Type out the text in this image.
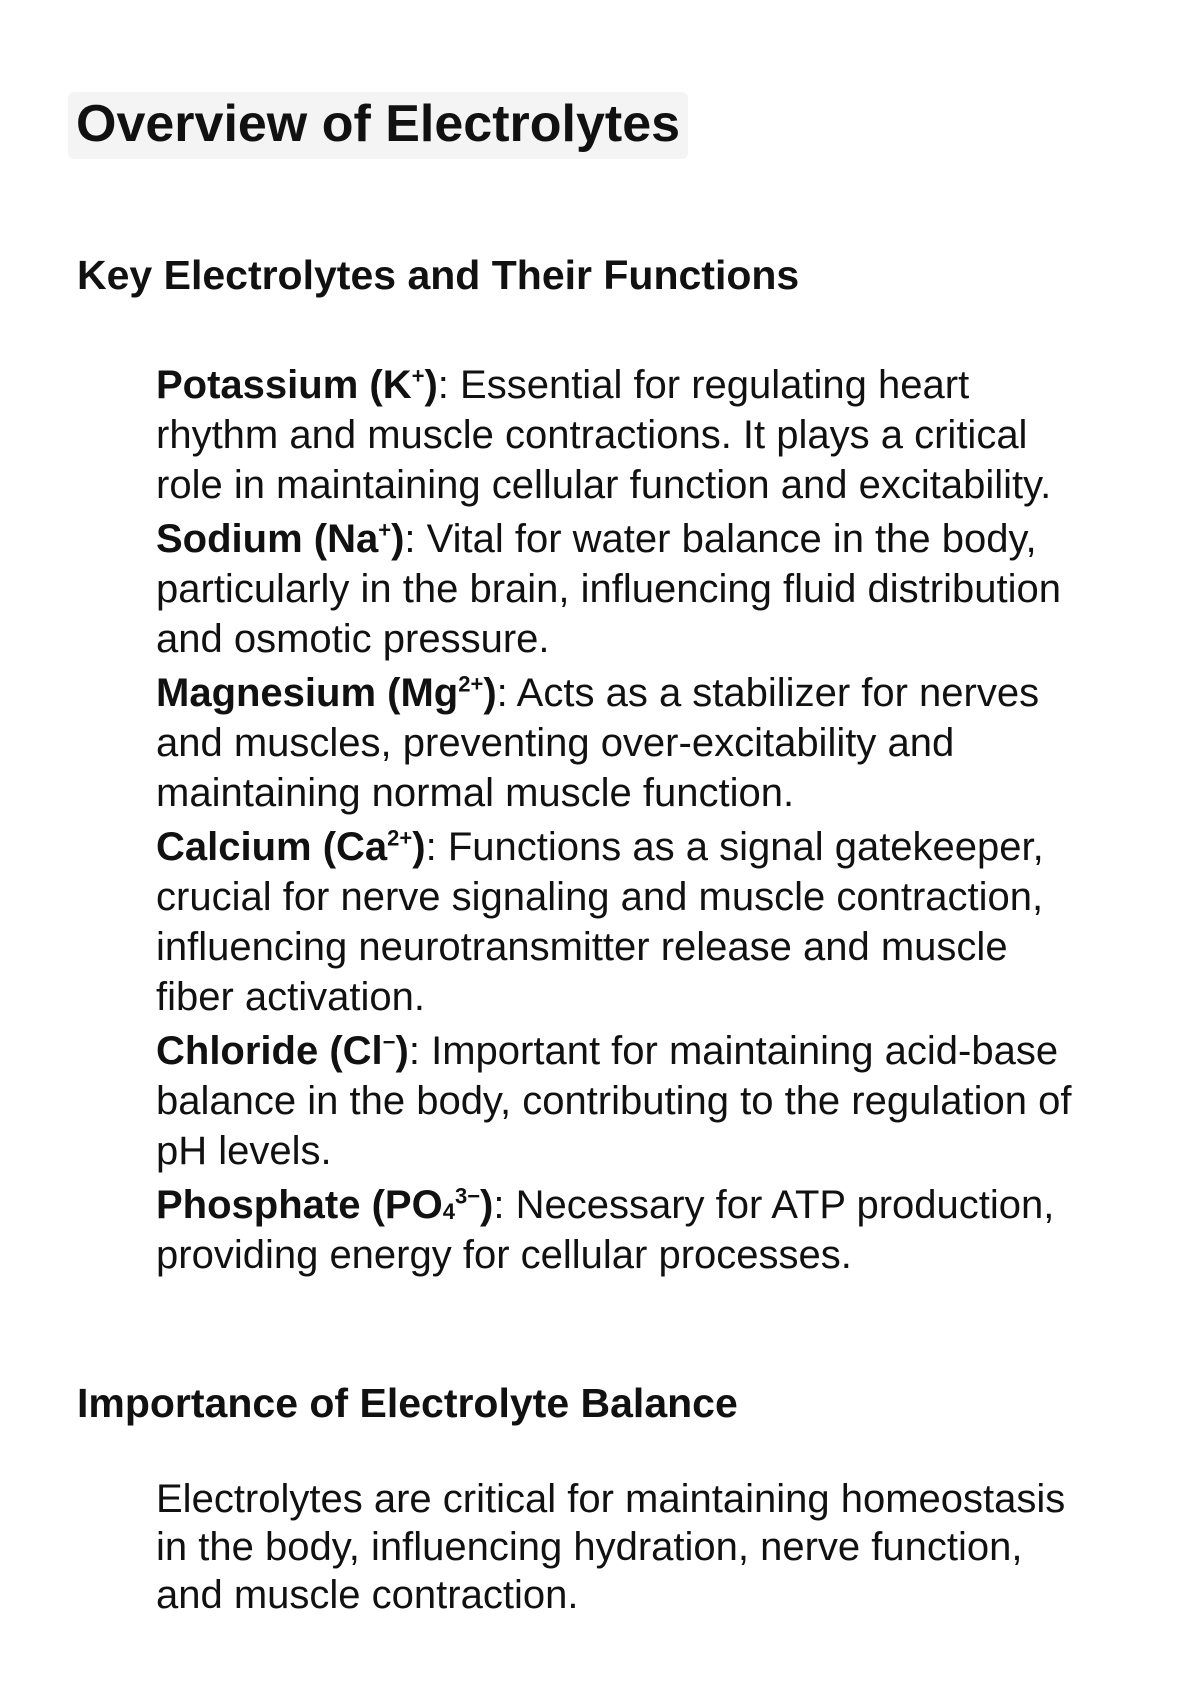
Overview of Electrolytes
Key Electrolytes and Their Functions
Potassium (K+): Essential for regulating heart rhythm and muscle contractions. It plays a critical role in maintaining cellular function and excitability.
Sodium (Na+): Vital for water balance in the body, particularly in the brain, influencing fluid distribution and osmotic pressure.
Magnesium $(Mg^{2+})$: Acts as a stabilizer for nerves and muscles, preventing over-excitability and maintaining normal muscle function.
Calcium $(Ca^{2+})$: Functions as a signal gatekeeper, crucial for nerve signaling and muscle contraction, influencing neurotransmitter release and muscle fiber activation.
Chloride (Cl−): Important for maintaining acid-base balance in the body, contributing to the regulation of pH levels.
Phosphate $(PO4^{3-})$: Necessary for ATP production, providing energy for cellular processes.
Importance of Electrolyte Balance

Electrolytes are critical for maintaining homeostasis in the body, influencing hydration, nerve function, and muscle contraction.
